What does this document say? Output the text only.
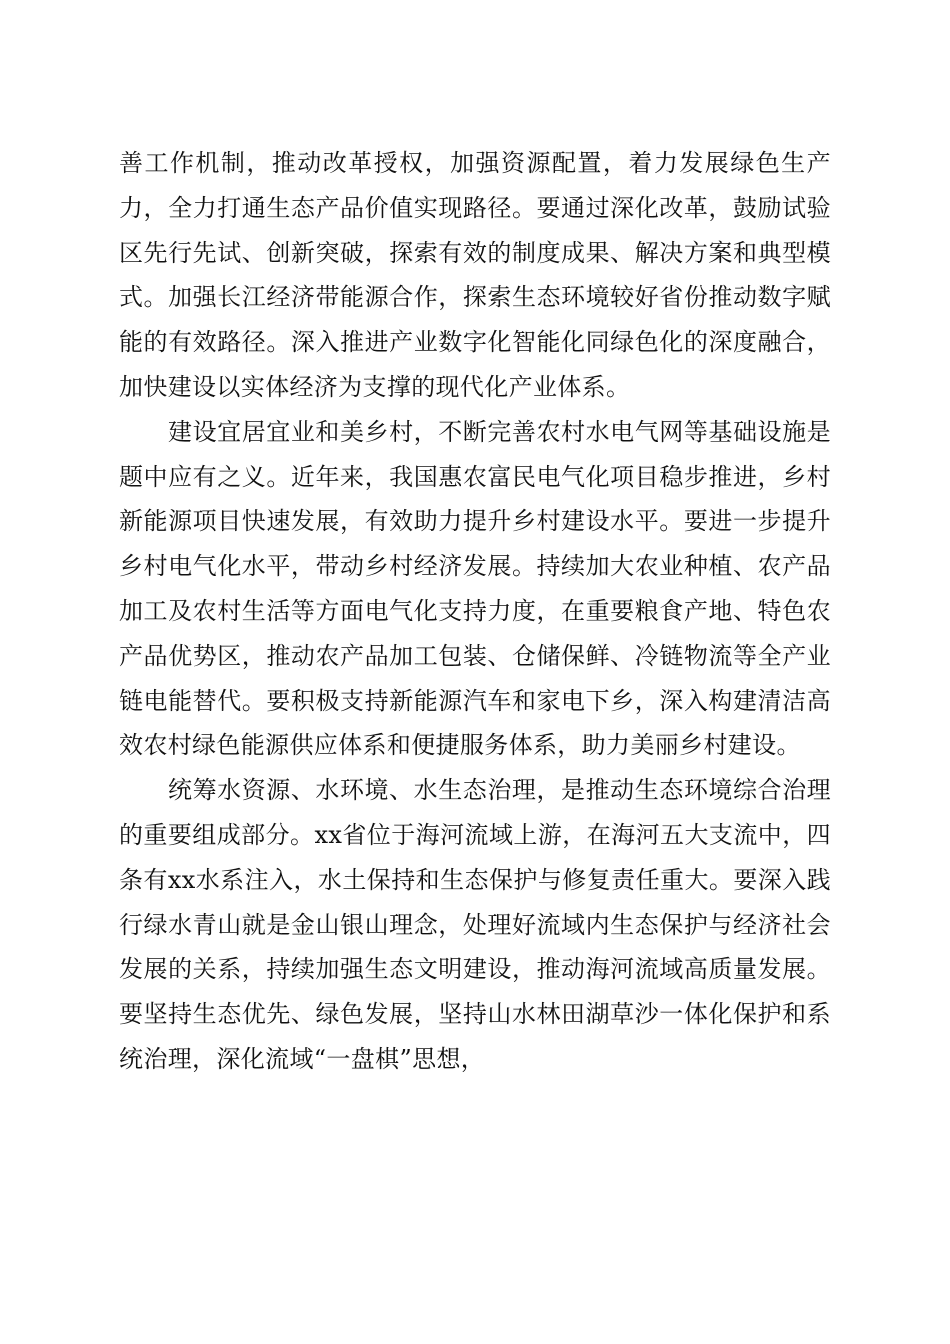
善工作机制，推动改革授权，加强资源配置，着力发展绿色生产力，全力打通生态产品价值实现路径。要通过深化改革，鼓励试验区先行先试、创新突破，探索有效的制度成果、解决方案和典型模式。加强长江经济带能源合作，探索生态环境较好省份推动数字赋能的有效路径。深入推进产业数字化智能化同绿色化的深度融合，加快建设以实体经济为支撑的现代化产业体系。

建设宜居宜业和美乡村，不断完善农村水电气网等基础设施是题中应有之义。近年来，我国惠农富民电气化项目稳步推进，乡村新能源项目快速发展，有效助力提升乡村建设水平。要进一步提升乡村电气化水平，带动乡村经济发展。持续加大农业种植、农产品加工及农村生活等方面电气化支持力度，在重要粮食产地、特色农产品优势区，推动农产品加工包装、仓储保鲜、冷链物流等全产业链电能替代。要积极支持新能源汽车和家电下乡，深入构建清洁高效农村绿色能源供应体系和便捷服务体系，助力美丽乡村建设。

统筹水资源、水环境、水生态治理，是推动生态环境综合治理的重要组成部分。xx省位于海河流域上游，在海河五大支流中，四条有xx水系注入，水土保持和生态保护与修复责任重大。要深入践行绿水青山就是金山银山理念，处理好流域内生态保护与经济社会发展的关系，持续加强生态文明建设，推动海河流域高质量发展。要坚持生态优先、绿色发展，坚持山水林田湖草沙一体化保护和系统治理，深化流域“一盘棋”思想，
